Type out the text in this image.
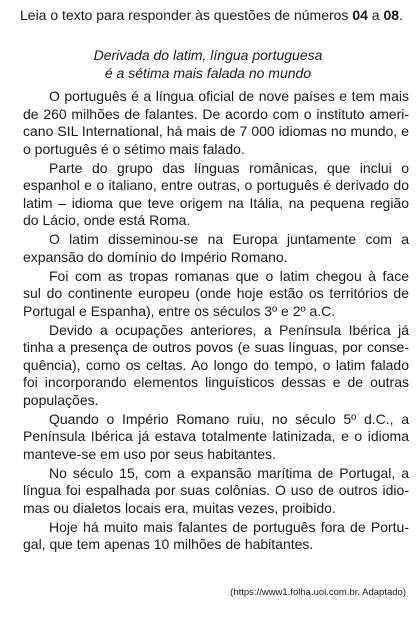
Leia o texto para responder às questões de números 04 a 08.
Derivada do latim, língua portuguesa
é a sétima mais falada no mundo
O português é a língua oficial de nove países e tem mais
de 260 milhões de falantes. De acordo com o instituto ameri-
cano SIL International, há mais de 7 000 idiomas no mundo, e
o português é o sétimo mais falado.
Parte do grupo das línguas românicas, que inclui o
espanhol e o italiano, entre outras, o português é derivado do
latim – idioma que teve origem na Itália, na pequena região
do Lácio, onde está Roma.
O latim disseminou-se na Europa juntamente com a
expansão do domínio do Império Romano.
Foi com as tropas romanas que o latim chegou à face
sul do continente europeu (onde hoje estão os territórios de
Portugal e Espanha), entre os séculos 3º e 2º a.C.
Devido a ocupações anteriores, a Península Ibérica já
tinha a presença de outros povos (e suas línguas, por conse-
quência), como os celtas. Ao longo do tempo, o latim falado
foi incorporando elementos linguísticos dessas e de outras
populações.
Quando o Império Romano ruiu, no século 5º d.C., a
Península Ibérica já estava totalmente latinizada, e o idioma
manteve-se em uso por seus habitantes.
No século 15, com a expansão marítima de Portugal, a
língua foi espalhada por suas colônias. O uso de outros idio-
mas ou dialetos locais era, muitas vezes, proibido.
Hoje há muito mais falantes de português fora de Portu-
gal, que tem apenas 10 milhões de habitantes.
(https://www1.folha.uol.com.br. Adaptado)
